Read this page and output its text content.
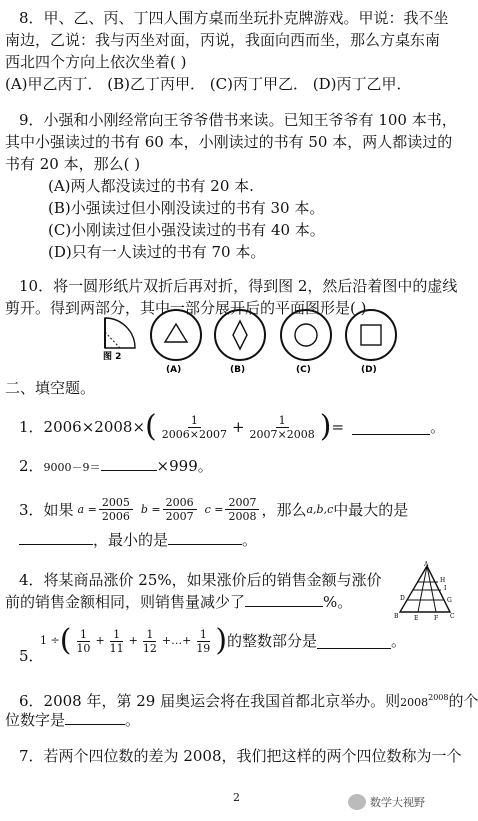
8．甲、乙、丙、丁四人围方桌而坐玩扑克牌游戏。甲说：我不坐
南边，乙说：我与丙坐对面，丙说，我面向西而坐，那么方桌东南
西北四个方向上依次坐着( )
(A)甲乙丙丁． (B)乙丁丙甲． (C)丙丁甲乙． (D)丙丁乙甲．
9．小强和小刚经常向王爷爷借书来读。已知王爷爷有 100 本书，
其中小强读过的书有 60 本，小刚读过的书有 50 本，两人都读过的
书有 20 本，那么( )
(A)两人都没读过的书有 20 本.
(B)小强读过但小刚没读过的书有 30 本。
(C)小刚读过但小强没读过的书有 40 本。
(D)只有一人读过的书有 70 本。
10．将一圆形纸片双折后再对折，得到图 2，然后沿着图中的虚线
剪开。得到两部分，其中一部分展开后的平面图形是( )
图 2
(A)	(B)	(C)	(D)
二、填空题。
1．2006×2008× ( $\frac{1}{2006\times 2007} + \frac{1}{2007\times 2008}$ ) =	。
2．9000－9＝	×999。
3．如果 $a = \frac{2005}{2006}$ $b = \frac{2006}{2007}$ $c = \frac{2007}{2008}$ ，那么 a,b,c 中最大的是
，最小的是	。
4．将某商品涨价 25%，如果涨价后的销售金额与涨价
前的销售金额相同，则销售量减少了	%。
A
H
I
G
D
E	F
B	C
1 ÷ ( $\frac{1}{10} + \frac{1}{11} + \frac{1}{12}$ +…+ $\frac{1}{19}$ ) 的整数部分是	。
5．
6．2008 年，第 29 届奥运会将在我国首都北京举办。则$2008^{2008}$的个
位数字是	。
7．若两个四位数的差为 2008，我们把这样的两个四位数称为一个
2	数学大视野
